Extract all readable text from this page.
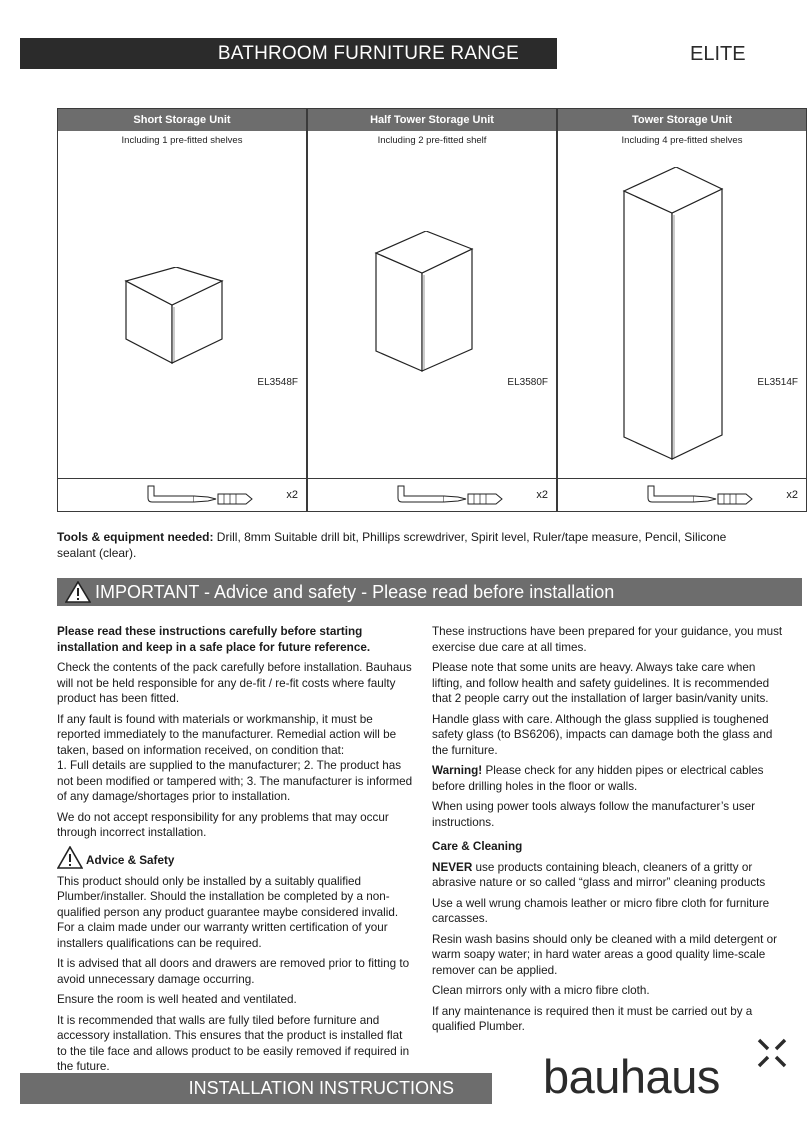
BATHROOM FURNITURE RANGE	ELITE
Short Storage Unit
Including 1 pre-fitted shelves
EL3548F
x2
Half Tower Storage Unit
Including 2 pre-fitted shelf
EL3580F
x2
Tower Storage Unit
Including 4 pre-fitted shelves
EL3514F
x2
Tools & equipment needed: Drill, 8mm Suitable drill bit, Phillips screwdriver, Spirit level, Ruler/tape measure, Pencil, Silicone sealant (clear).
IMPORTANT - Advice and safety - Please read before installation

Please read these instructions carefully before starting installation and keep in a safe place for future reference.

Check the contents of the pack carefully before installation. Bauhaus will not be held responsible for any de-fit / re-fit costs where faulty product has been fitted.

If any fault is found with materials or workmanship, it must be reported immediately to the manufacturer. Remedial action will be taken, based on information received, on condition that:

1. Full details are supplied to the manufacturer; 2. The product has not been modified or tampered with; 3. The manufacturer is informed of any damage/shortages prior to installation.

We do not accept responsibility for any problems that may occur through incorrect installation.

Advice & Safety

This product should only be installed by a suitably qualified Plumber/installer. Should the installation be completed by a non-qualified person any product guarantee maybe considered invalid. For a claim made under our warranty written certification of your installers qualifications can be required.

It is advised that all doors and drawers are removed prior to fitting to avoid unnecessary damage occurring.

Ensure the room is well heated and ventilated.

It is recommended that walls are fully tiled before furniture and accessory installation. This ensures that the product is installed flat to the tile face and allows product to be easily removed if required in the future.

These instructions have been prepared for your guidance, you must exercise due care at all times.

Please note that some units are heavy. Always take care when lifting, and follow health and safety guidelines. It is recommended that 2 people carry out the installation of larger basin/vanity units.

Handle glass with care. Although the glass supplied is toughened safety glass (to BS6206), impacts can damage both the glass and the furniture.

Warning! Please check for any hidden pipes or electrical cables before drilling holes in the floor or walls.

When using power tools always follow the manufacturer’s user instructions.

Care & Cleaning

NEVER use products containing bleach, cleaners of a gritty or abrasive nature or so called “glass and mirror” cleaning products

Use a well wrung chamois leather or micro fibre cloth for furniture carcasses.

Resin wash basins should only be cleaned with a mild detergent or warm soapy water; in hard water areas a good quality lime-scale remover can be applied.

Clean mirrors only with a micro fibre cloth.

If any maintenance is required then it must be carried out by a qualified Plumber.

INSTALLATION INSTRUCTIONS	bauhaus
